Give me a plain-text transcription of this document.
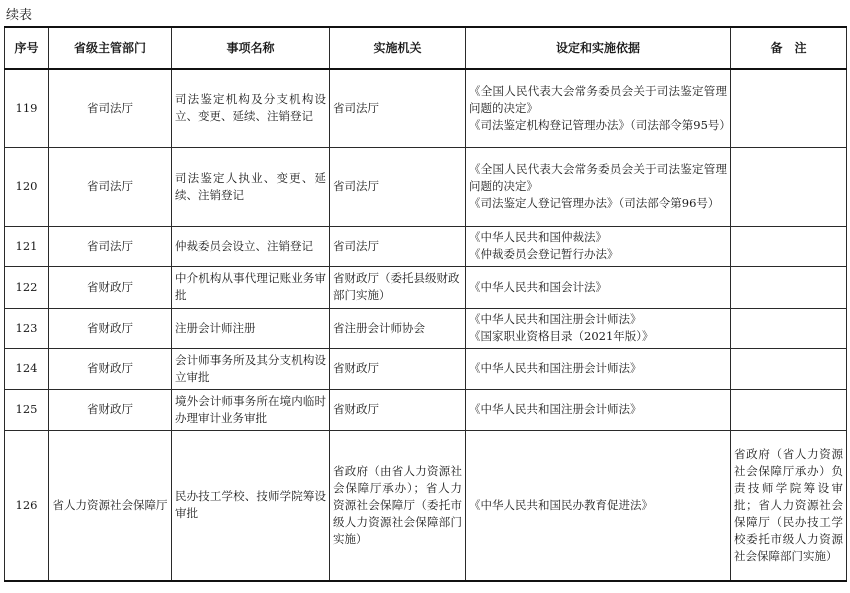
续表
序号	省级主管部门	事项名称	实施机关	设定和实施依据	备　注
119	省司法厅	司法鉴定机构及分支机构设立、变更、延续、注销登记	省司法厅	《全国人民代表大会常务委员会关于司法鉴定管理问题的决定》
《司法鉴定机构登记管理办法》（司法部令第95号）	

120	省司法厅	司法鉴定人执业、变更、延续、注销登记	省司法厅	《全国人民代表大会常务委员会关于司法鉴定管理问题的决定》
《司法鉴定人登记管理办法》（司法部令第96号）	

121	省司法厅	仲裁委员会设立、注销登记	省司法厅	《中华人民共和国仲裁法》
《仲裁委员会登记暂行办法》	

122	省财政厅	中介机构从事代理记账业务审批	省财政厅（委托县级财政部门实施）	《中华人民共和国会计法》	

123	省财政厅	注册会计师注册	省注册会计师协会	《中华人民共和国注册会计师法》
《国家职业资格目录（2021年版）》	

124	省财政厅	会计师事务所及其分支机构设立审批	省财政厅	《中华人民共和国注册会计师法》	

125	省财政厅	境外会计师事务所在境内临时办理审计业务审批	省财政厅	《中华人民共和国注册会计师法》	

126	省人力资源社会保障厅	民办技工学校、技师学院筹设审批	省政府（由省人力资源社会保障厅承办）；省人力资源社会保障厅（委托市级人力资源社会保障部门实施）	《中华人民共和国民办教育促进法》	省政府（省人力资源社会保障厅承办）负责技师学院筹设审批；省人力资源社会保障厅（民办技工学校委托市级人力资源社会保障部门实施）
